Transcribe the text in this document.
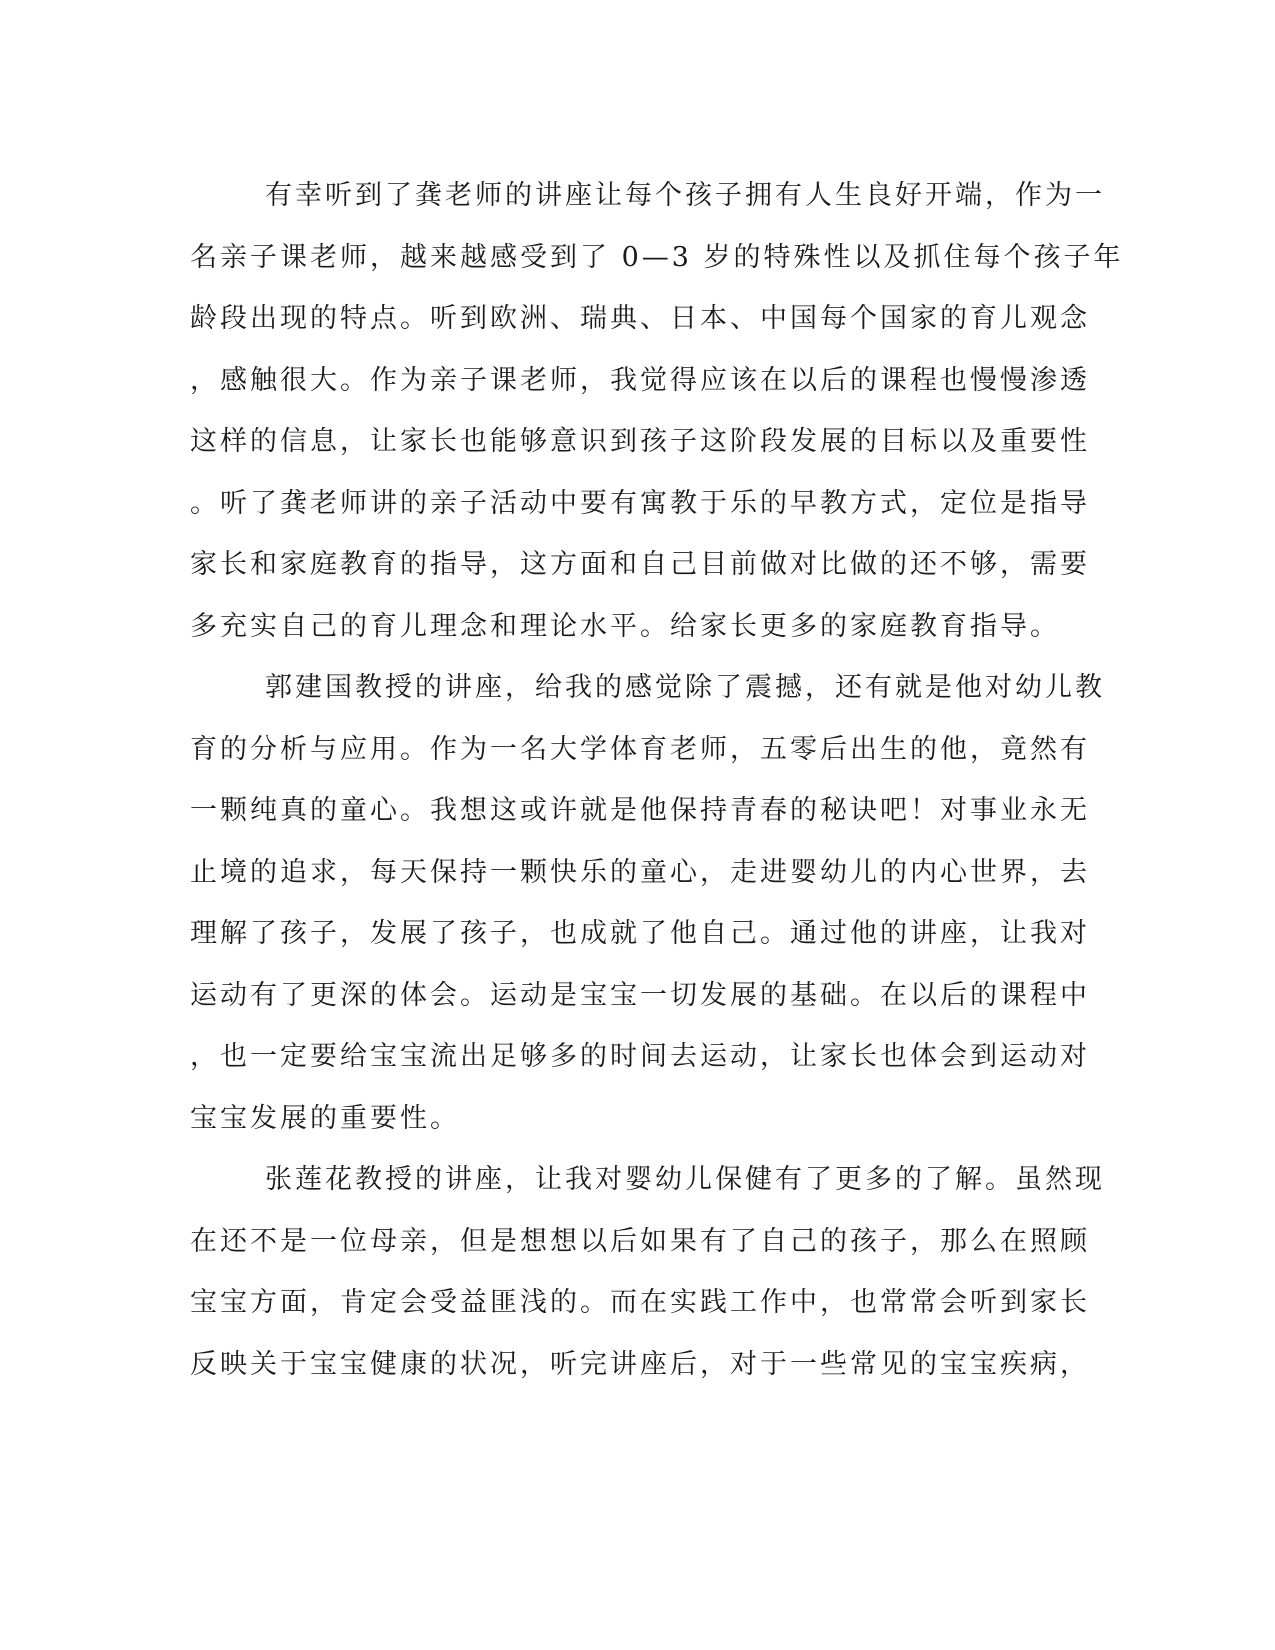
有幸听到了龚老师的讲座让每个孩子拥有人生良好开端，作为一
名亲子课老师，越来越感受到了 0—3 岁的特殊性以及抓住每个孩子年
龄段出现的特点。听到欧洲、瑞典、日本、中国每个国家的育儿观念
，感触很大。作为亲子课老师，我觉得应该在以后的课程也慢慢渗透
这样的信息，让家长也能够意识到孩子这阶段发展的目标以及重要性
。听了龚老师讲的亲子活动中要有寓教于乐的早教方式，定位是指导
家长和家庭教育的指导，这方面和自己目前做对比做的还不够，需要
多充实自己的育儿理念和理论水平。给家长更多的家庭教育指导。
郭建国教授的讲座，给我的感觉除了震撼，还有就是他对幼儿教
育的分析与应用。作为一名大学体育老师，五零后出生的他，竟然有
一颗纯真的童心。我想这或许就是他保持青春的秘诀吧！对事业永无
止境的追求，每天保持一颗快乐的童心，走进婴幼儿的内心世界，去
理解了孩子，发展了孩子，也成就了他自己。通过他的讲座，让我对
运动有了更深的体会。运动是宝宝一切发展的基础。在以后的课程中
，也一定要给宝宝流出足够多的时间去运动，让家长也体会到运动对
宝宝发展的重要性。
张莲花教授的讲座，让我对婴幼儿保健有了更多的了解。虽然现
在还不是一位母亲，但是想想以后如果有了自己的孩子，那么在照顾
宝宝方面，肯定会受益匪浅的。而在实践工作中，也常常会听到家长
反映关于宝宝健康的状况，听完讲座后，对于一些常见的宝宝疾病，
